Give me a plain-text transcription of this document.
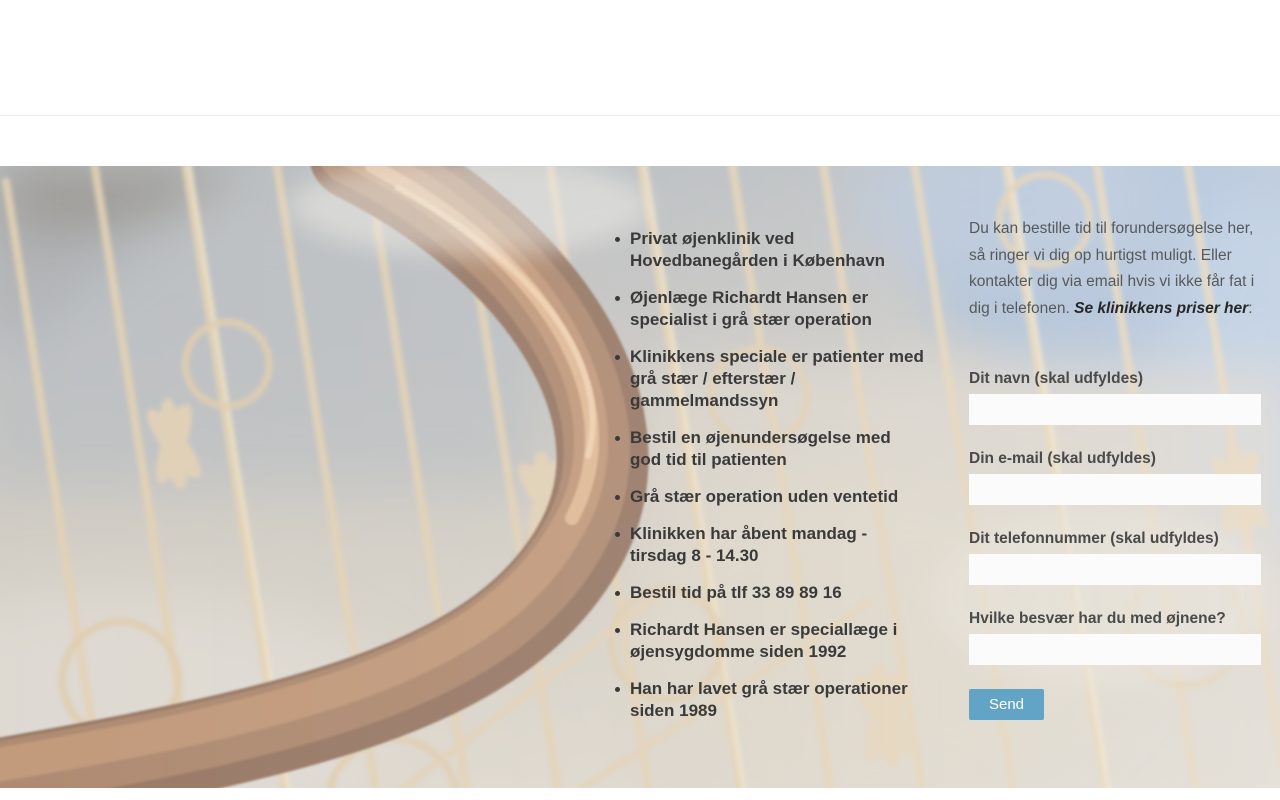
Privat øjenklinik ved Hovedbanegården i København
Øjenlæge Richardt Hansen er specialist i grå stær operation
Klinikkens speciale er patienter med grå stær / efterstær / gammelmandssyn
Bestil en øjenundersøgelse med god tid til patienten
Grå stær operation uden ventetid
Klinikken har åbent mandag - tirsdag 8 - 14.30
Bestil tid på tlf 33 89 89 16
Richardt Hansen er speciallæge i øjensygdomme siden 1992
Han har lavet grå stær operationer siden 1989

Du kan bestille tid til forundersøgelse her, så ringer vi dig op hurtigst muligt. Eller kontakter dig via email hvis vi ikke får fat i dig i telefonen. Se klinikkens priser her:

Dit navn (skal udfyldes)
Din e-mail (skal udfyldes)
Dit telefonnummer (skal udfyldes)
Hvilke besvær har du med øjnene?
Send
